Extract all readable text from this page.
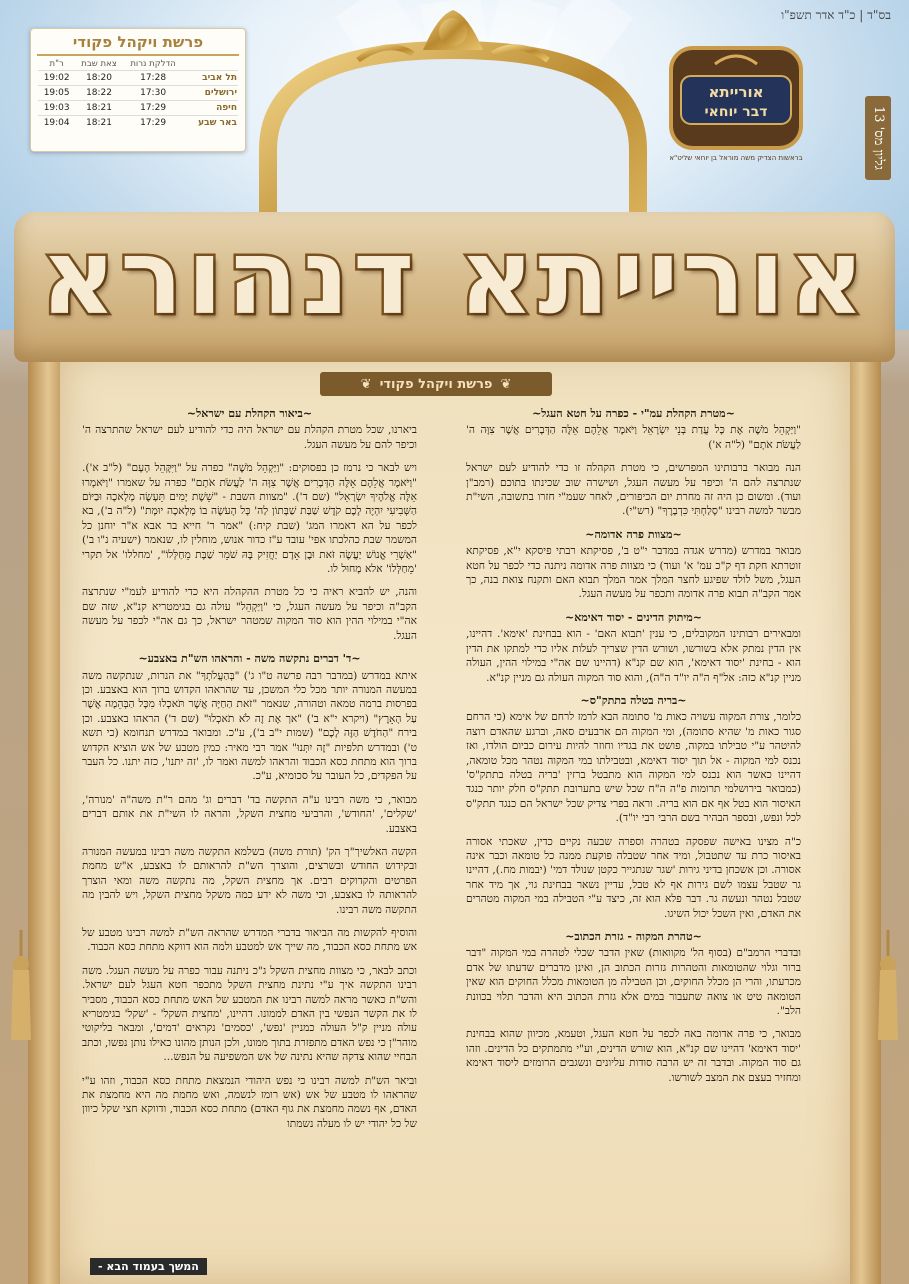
בס"ד | כ"ד אדר תשפ"ו
גליון מס' 13
אורייתא
דבר יוחאי
בראשות הצדיק משה מוראל בן יוחאי שליט"א
פרשת ויקהל פקודי
	הדלקת נרות	צאת שבת	ר"ת
תל אביב	17:28	18:20	19:02
ירושלים	17:30	18:22	19:05
חיפה	17:29	18:21	19:03
באר שבע	17:29	18:21	19:04
אורייתא דנהורא
❦
פרשת ויקהל פקודי
❦
~מטרת הקהלת עמ"י - כפרה על חטא העגל~

"וַיַּקְהֵל מֹשֶׁה אֶת כָּל עֲדַת בְּנֵי יִשְׂרָאֵל וַיֹּאמֶר אֲלֵהֶם אֵלֶּה הַדְּבָרִים אֲשֶׁר צִוָּה ה' לַעֲשֹׂת אֹתָם" (ל"ה א')

הנה מבואר ברבותינו המפרשים, כי מטרת הקהלה זו כדי להודיע לעם ישראל שנתרצה להם ה' וכיפר על מעשה העגל, ושישרה שוב שכינתו בתוכם (רמב"ן ועוד). ומשום כן היה זה מחרת יום הכיפורים, לאחר שעמ"י חזרו בתשובה, השי"ת מבשר למשה רבינו "סָלַחְתִּי כִּדְבָרֶךָ" (רש"י).

~מצוות פרה אדומה~

מבואר במדרש (מדרש אגדה במדבר י"ט ב', פסיקתא רבתי פיסקא י"א, פסיקתא זוטרתא חקת דף ק"כ עמ' א' ועוד) כי מצוות פרה אדומה ניתנה כדי לכפר על חטא העגל, משל לולד שפיגע לחצר המלך אמר המלך תבוא האם ותקנח צואת בנה, כך אמר הקב"ה תבוא פרה אדומה ותכפר על מעשה העגל.

~מיתוק הדינים - יסוד דאימא~

ומבאירים רבותינו המקובלים, כי ענין 'תבוא האם' - הוא בבחינת 'אימא'. דהיינו, אין הדין נמתק אלא בשורשו, ושורש הדין שצריך לעלות אליו כדי למתקו את הדין הוא - בחינת 'יסוד דאימא', הוא שם קנ"א (דהיינו שם אה"י במילוי ההין, העולה מניין קנ"א כזה: אל"ף ה"ה יו"ד ה"ה), והוא סוד המקוה העולה גם מניין קנ"א.

~בריה בטלה בתתק"ס~

כלומר, צורת המקוה עשויה כאות מ' סתומה הבא לרמז לרחם של אימא (כי הרחם סגור כאות מ' שהיא סתומה), ומי המקוה הם ארבעים סאה, וברגע שהאדם רוצה להיטהר ע"י טבילתו במקוה, פושט את בגדיו וחוזר להיות עירום כביום הולדו, ואז נכנס למי המקוה - אל תוך יסוד דאימא, ובטבילתו במי המקוה נטהר מכל טומאה, דהיינו כאשר הוא נכנס למי המקוה הוא מתבטל ברזין 'בריה בטלה בתתק"ס' (כמבואר בירושלמי תרומות פ"ה ה"ח שכל שיש בתערובת תתק"ס חלק יותר כנגד האיסור הוא בטל אף אם הוא בריה. וראה בפרי צדיק שכל ישראל הם כנגד תתק"ס לכל ונפש, ובספר הבהיר בשם הרבי רבי יו"ד).

כ"ה מצינו באישה שפסקה בטהרה וספרה שבעה נקיים כדין, שאכתי אסורה באיסור כרת עד שתטבול, ומיד אחר שטבלה פוקעת ממנה כל טומאה וכבר אינה אסורה. וכן אשכחן בדיני גירות 'שגר שנתגייר כקטן שנולד דמי' (יבמות מח.), דהיינו גר שטבל עצמו לשם גירות אף לא טבל, עדיין נשאר בבחינת גוי, אך מיד אחר שטבל נטהר ונעשה גר. דבר פלא הוא זה, כיצד ע"י הטבילה במי המקוה מטהרים את האדם, ואין השכל יכול השיגו.

~טהרת המקוה - גזרת הכתוב~

ובדברי הרמב"ם (בסוף הל' מקוואות) שאין הדבר שכלי לטהרה במי המקוה "דבר ברור וגלוי שהטומאות והטהרות גזרות הכתוב הן, ואינן מדברים שדעתו של אדם מכרעתו, והרי הן מכלל החוקים, וכן הטבילה מן הטומאות מכלל החוקים הוא שאין הטומאה טיט או צואה שתעבור במים אלא גזרת הכתוב היא והדבר תלוי בכוונת הלב".

מבואר, כי פרה אדומה באה לכפר על חטא העגל, וטעמא, מכיוון שהוא בבחינת 'יסוד דאימא' דהיינו שם קנ"א, הוא שורש הדינים, וע"י מתמתקים כל הדינים. וזהו גם סוד המקוה. ובדבר זה יש הרבה סודות עליונים ונשגבים הרומזים ליסוד דאימא ומחזיר בעצם את המצב לשורשו.

~ביאור הקהלת עם ישראל~

ביארנו, שכל מטרת הקהלת עם ישראל היה כדי להודיע לעם ישראל שהתרצה ה' וכיפר להם על מעשה העגל.

ויש לבאר כי נרמז כן בפסוקים: "וַיַּקְהֵל מֹשֶׁה" כפרה על "וַיִּקָּהֵל הָעָם" (ל"ב א'). "וַיֹּאמֶר אֲלֵהֶם אֵלֶּה הַדְּבָרִים אֲשֶׁר צִוָּה ה' לַעֲשֹׂת אֹתָם" כפרה על שאמרו "וַיֹּאמְרוּ אֵלֶּה אֱלֹהֶיךָ יִשְׂרָאֵל" (שם ד'). "מצוות השבת - "שֵׁשֶׁת יָמִים תֵּעָשֶׂה מְלָאכָה וּבַיּוֹם הַשְּׁבִיעִי יִהְיֶה לָכֶם קֹדֶשׁ שַׁבַּת שַׁבָּתוֹן לַה' כָּל הָעֹשֶׂה בוֹ מְלָאכָה יוּמָת" (ל"ה ב'), בא לכפר על הא דאמרו המג' (שבת קיח:) "אמר ר' חייא בר אבא א"ר יוחנן כל המשמר שבת כהלכתו אפי' עובד ע"ז כדור אנוש, מוחלין לו, שנאמר (ישעיה נ"ו ב') "אַשְׁרֵי אֱנוֹשׁ יַעֲשֶׂה זֹּאת וּבֶן אָדָם יַחֲזִיק בָּהּ שֹׁמֵר שַׁבָּת מֵחַלְּלוֹ", 'מחללו' אל תקרי 'מֵחַלְּלוֹ' אלא מָחוּל לו.

והנה, יש להביא ראיה כי כל מטרת ההקהלה היא כדי להודיע לעמ"י שנתרצה הקב"ה וכיפר על מעשה העגל, כי "וַיַּקְהֵל" עולה גם בגימטריא קנ"א, שזה שם אה"י במילוי ההין הוא סוד המקוה שמטהר ישראל, כך גם אה"י לכפר על מעשה העגל.

~ד' דברים נתקשה משה - והראהו הש"ת באצבע~

איתא במדרש (במדבר רבה פרשה ט"ו ג') "בְּהַעֲלֹתְךָ" את הנרות, שנתקשה משה במעשה המנורה יותר מכל כלי המשכן, עד שהראהו הקדוש ברוך הוא באצבע. וכן בפרסות ברמה טמאה וטהורה, שנאמר "זֹאת הַחַיָּה אֲשֶׁר תֹּאכְלוּ מִכָּל הַבְּהֵמָה אֲשֶׁר עַל הָאָרֶץ" (ויקרא י"א ב') "אך אֶת זֶה לֹא תֹאכְלוּ" (שם ד') הראהו באצבע. וכן בירח "הַחֹדֶשׁ הַזֶּה לָכֶם" (שמות י"ב ב'), ע"כ. ומבואר במדרש תנחומא (כי תשא ט') ובמדרש תלפיות "זֶה יִתְּנוּ" אמר רבי מאיר: כמין מטבע של אש הוציא הקדוש ברוך הוא מתחת כסא הכבוד והראהו למשה ואמר לו, 'זה יתנו', כזה יתנו. כל העבר על הפקדים, כל העובר על סכומיא, ע"כ.

מבואר, כי משה רבינו ע"ה התקשה בד' דברים וג' מהם ר"ת משה"ה 'מנורה', 'שקלים', 'החודש', והרביעי מחצית השקל, והראה לו השי"ת את אותם דברים באצבע.

הקשה האלשיך"ך הק' (תורת משה) בשלמא התקשה משה רבינו במעשה המנורה ובקידוש החודש ובשרצים, והוצרך הש"ת להראותם לו באצבע, א"ש מחמת הפרטים והקדוקים רבים. אך מחצית השקל, מה נתקשה משה ומאי הוצרך להראותה לו באצבע, וכי משה לא ידע כמה משקל מחצית השקל, ויש להבין מה התקשה משה רבינו.

והוסיף להקשות מה הביאור בדברי המדרש שהראה הש"ת למשה רבינו מטבע של אש מתחת כסא הכבוד, מה שייך אש למטבע ולמה הוא דווקא מתחת כסא הכבוד.

וכתב לבאר, כי מצוות מחצית השקל ג"כ ניתנה עבור כפרה על מעשה העגל. משה רבינו התקשה איך ע"י נתינת מחצית השקל מתכפר חטא העגל לעם ישראל. והש"ת כאשר מראה למשה רבינו את המטבע של האש מתחת כסא הכבוד, מסביר לו את הקשר הנפשי בין האדם לממונו. דהיינו, 'מחצית השקל' - 'שקל' בגימטריא עולה מניין ק"ל העולה כמניין 'נפש', 'כסמים' נקראים 'דמים', ומבאר בליקוטי מוהר"ן כי נפש האדם מתפזרת בתוך ממונו, ולכן הנותן מהונו כאילו נותן נפשו, וכתב הבחיי שהוא צדקה שהיא נתינה של אש המשפיעה על הנפש...

וביאר הש"ת למשה רבינו כי נפש היהודי הנמצאת מתחת כסא הכבוד, וזהו ע"י שהראהו לו מטבע של אש (אש רומז לנשמה, ואש מחמת מה היא מחמצת את האדם, אף נשמה מחמצת את גוף האדם) מתחת כסא הכבוד, ודווקא חצי שקל כיוון של כל יהודי יש לו מעלה נשמתו

המשך בעמוד הבא -
